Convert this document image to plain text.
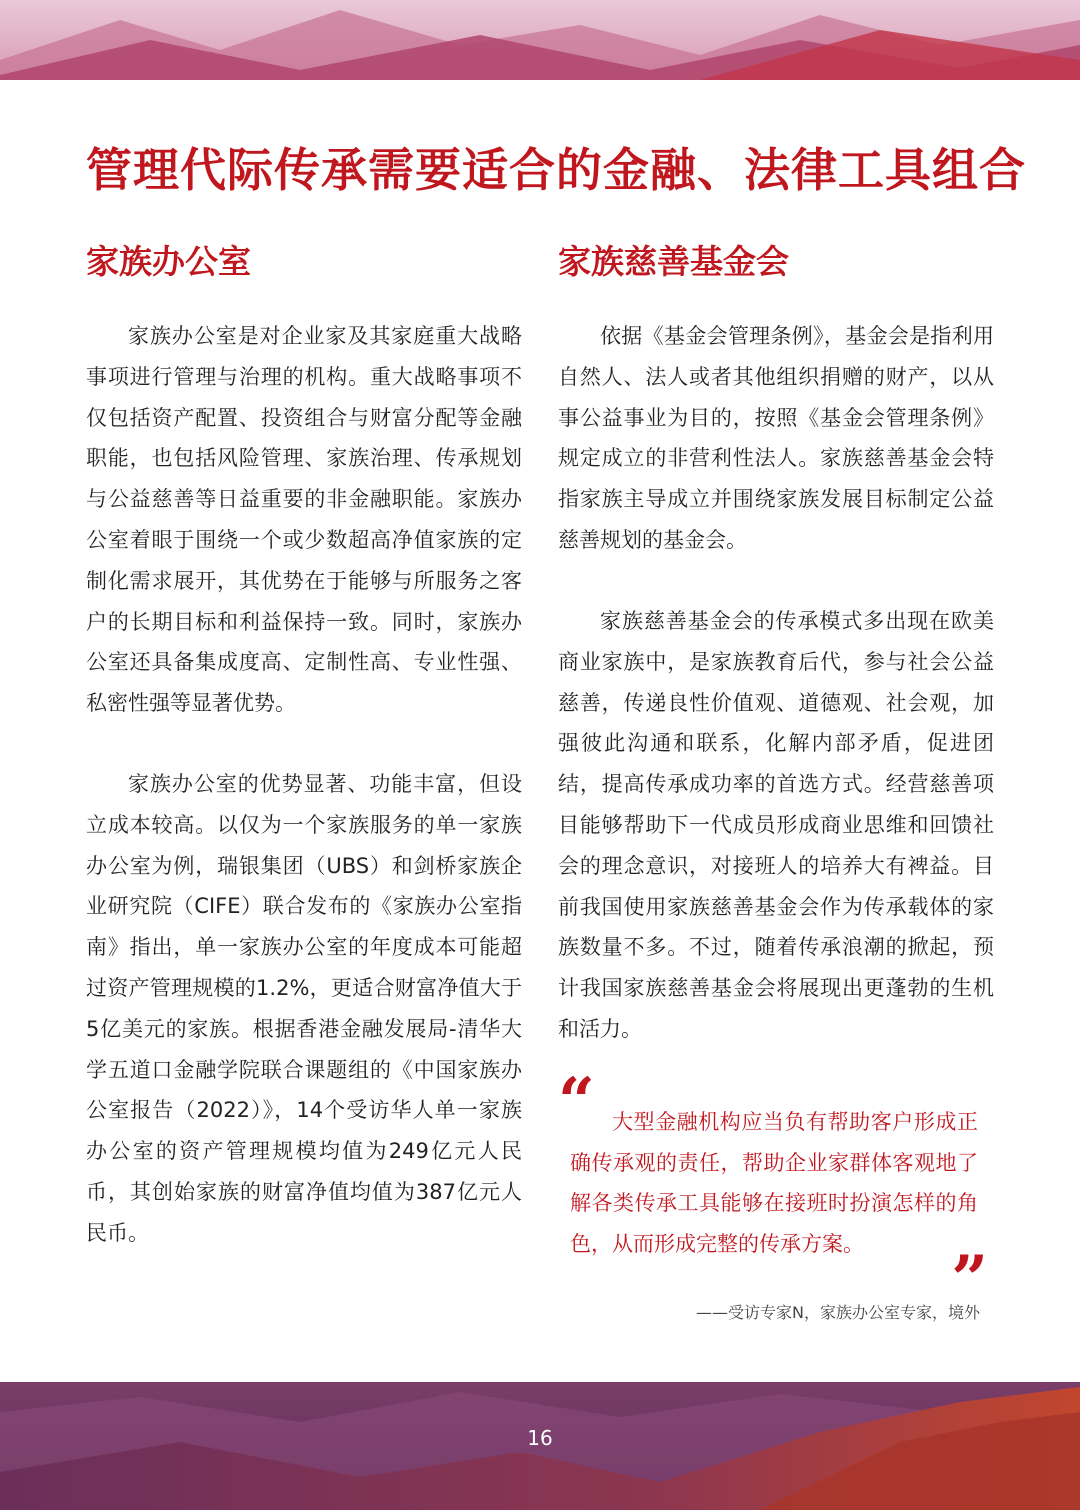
管理代际传承需要适合的金融、法律工具组合
家族办公室

家族办公室是对企业家及其家庭重大战略事项进行管理与治理的机构。重大战略事项不仅包括资产配置、投资组合与财富分配等金融职能，也包括风险管理、家族治理、传承规划与公益慈善等日益重要的非金融职能。家族办公室着眼于围绕一个或少数超高净值家族的定制化需求展开，其优势在于能够与所服务之客户的长期目标和利益保持一致。同时，家族办公室还具备集成度高、定制性高、专业性强、私密性强等显著优势。

家族办公室的优势显著、功能丰富，但设立成本较高。以仅为一个家族服务的单一家族办公室为例，瑞银集团（UBS）和剑桥家族企业研究院（CIFE）联合发布的《家族办公室指南》指出，单一家族办公室的年度成本可能超过资产管理规模的1.2%，更适合财富净值大于5亿美元的家族。根据香港金融发展局-清华大学五道口金融学院联合课题组的《中国家族办公室报告（2022）》，14个受访华人单一家族办公室的资产管理规模均值为249亿元人民币，其创始家族的财富净值均值为387亿元人民币。

家族慈善基金会

依据《基金会管理条例》，基金会是指利用自然人、法人或者其他组织捐赠的财产，以从事公益事业为目的，按照《基金会管理条例》规定成立的非营利性法人。家族慈善基金会特指家族主导成立并围绕家族发展目标制定公益慈善规划的基金会。

家族慈善基金会的传承模式多出现在欧美商业家族中，是家族教育后代，参与社会公益慈善，传递良性价值观、道德观、社会观，加强彼此沟通和联系，化解内部矛盾，促进团结，提高传承成功率的首选方式。经营慈善项目能够帮助下一代成员形成商业思维和回馈社会的理念意识，对接班人的培养大有裨益。目前我国使用家族慈善基金会作为传承载体的家族数量不多。不过，随着传承浪潮的掀起，预计我国家族慈善基金会将展现出更蓬勃的生机和活力。

“ 大型金融机构应当负有帮助客户形成正确传承观的责任，帮助企业家群体客观地了解各类传承工具能够在接班时扮演怎样的角色，从而形成完整的传承方案。	”
——受访专家N，家族办公室专家，境外
16
